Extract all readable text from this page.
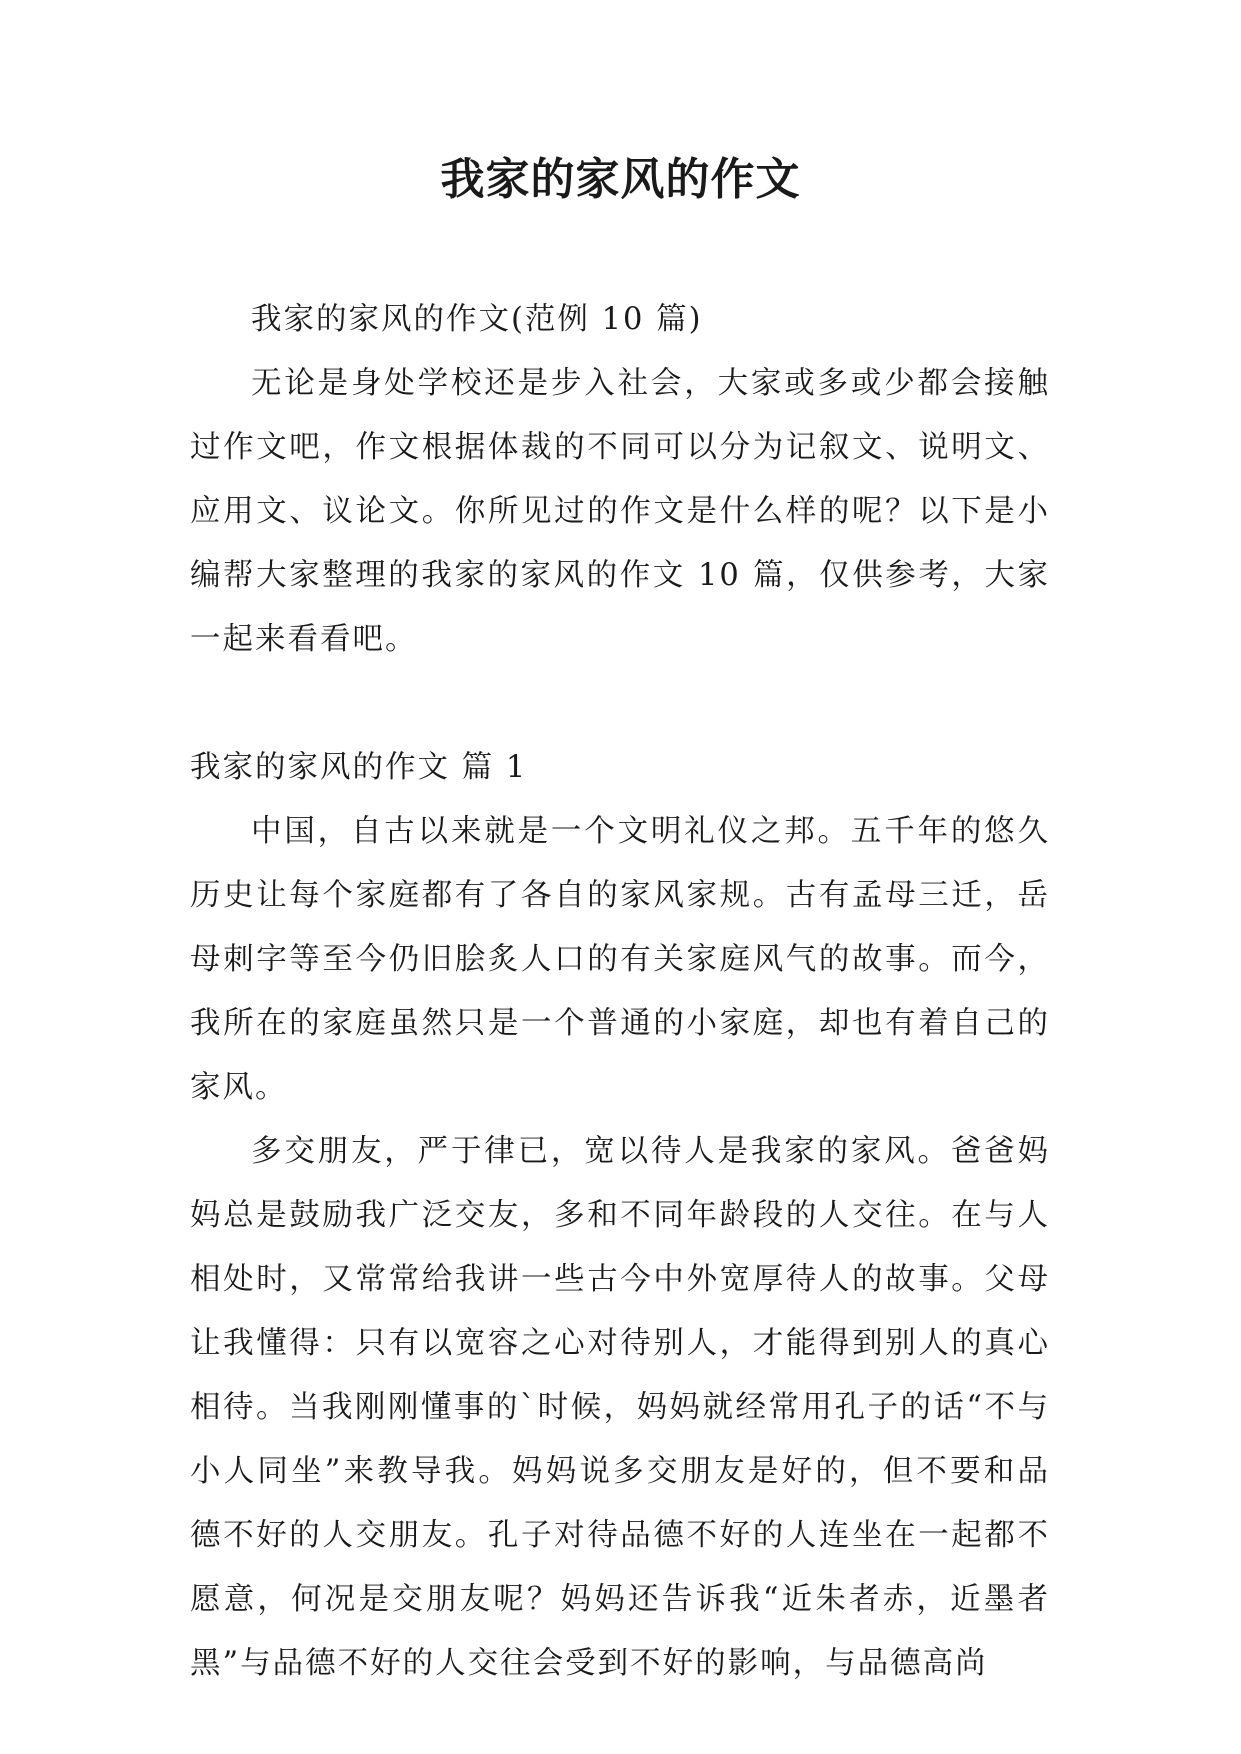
我家的家风的作文

我家的家风的作文(范例 10 篇)

无论是身处学校还是步入社会，大家或多或少都会接触过作文吧，作文根据体裁的不同可以分为记叙文、说明文、应用文、议论文。你所见过的作文是什么样的呢？以下是小编帮大家整理的我家的家风的作文 10 篇，仅供参考，大家一起来看看吧。

我家的家风的作文 篇 1

中国，自古以来就是一个文明礼仪之邦。五千年的悠久历史让每个家庭都有了各自的家风家规。古有孟母三迁，岳母刺字等至今仍旧脍炙人口的有关家庭风气的故事。而今，我所在的家庭虽然只是一个普通的小家庭，却也有着自己的家风。

多交朋友，严于律已，宽以待人是我家的家风。爸爸妈妈总是鼓励我广泛交友，多和不同年龄段的人交往。在与人相处时，又常常给我讲一些古今中外宽厚待人的故事。父母让我懂得：只有以宽容之心对待别人，才能得到别人的真心相待。当我刚刚懂事的`时候，妈妈就经常用孔子的话“不与小人同坐”来教导我。妈妈说多交朋友是好的，但不要和品德不好的人交朋友。孔子对待品德不好的人连坐在一起都不愿意，何况是交朋友呢？妈妈还告诉我“近朱者赤，近墨者黑”与品德不好的人交往会受到不好的影响，与品德高尚
